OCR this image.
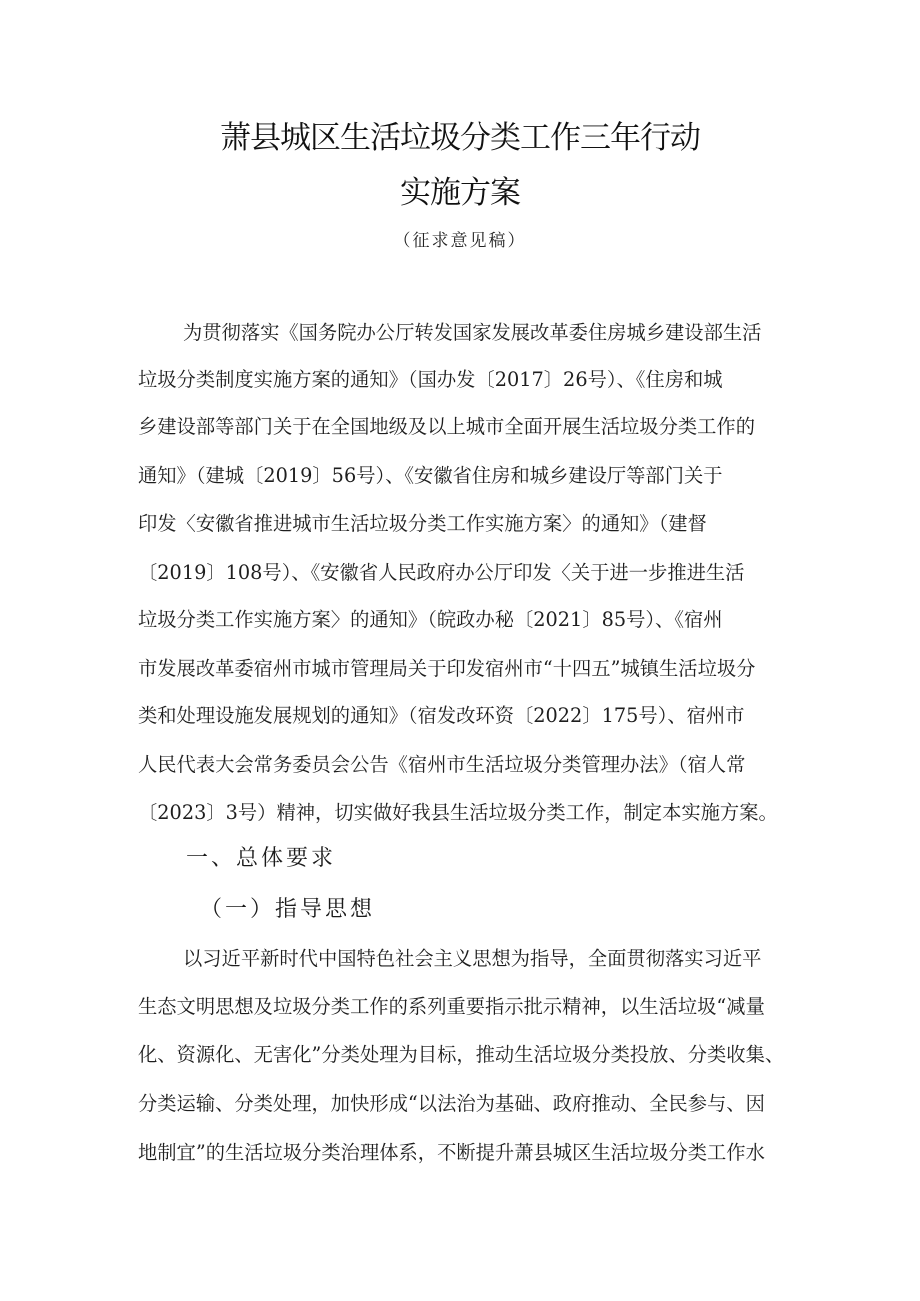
萧县城区生活垃圾分类工作三年行动
实施方案
（征求意见稿）
为贯彻落实《国务院办公厅转发国家发展改革委住房城乡建设部生活
垃圾分类制度实施方案的通知》（国办发〔2017〕26号）、《住房和城
乡建设部等部门关于在全国地级及以上城市全面开展生活垃圾分类工作的
通知》（建城〔2019〕56号）、《安徽省住房和城乡建设厅等部门关于
印发〈安徽省推进城市生活垃圾分类工作实施方案〉的通知》（建督
〔2019〕108号）、《安徽省人民政府办公厅印发〈关于进一步推进生活
垃圾分类工作实施方案〉的通知》（皖政办秘〔2021〕85号）、《宿州
市发展改革委宿州市城市管理局关于印发宿州市“十四五”城镇生活垃圾分
类和处理设施发展规划的通知》（宿发改环资〔2022〕175号）、宿州市
人民代表大会常务委员会公告《宿州市生活垃圾分类管理办法》（宿人常
〔2023〕3号）精神，切实做好我县生活垃圾分类工作，制定本实施方案。
一、总体要求
（一）指导思想
以习近平新时代中国特色社会主义思想为指导，全面贯彻落实习近平
生态文明思想及垃圾分类工作的系列重要指示批示精神，以生活垃圾“减量
化、资源化、无害化”分类处理为目标，推动生活垃圾分类投放、分类收集、
分类运输、分类处理，加快形成“以法治为基础、政府推动、全民参与、因
地制宜”的生活垃圾分类治理体系，不断提升萧县城区生活垃圾分类工作水
